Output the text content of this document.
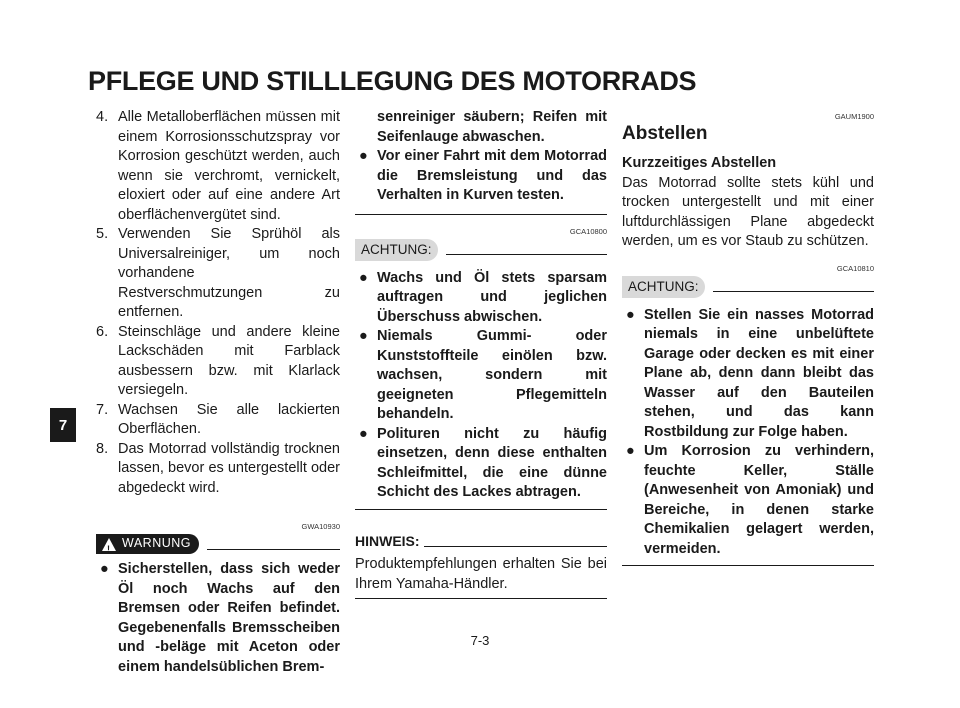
PFLEGE UND STILLLEGUNG DES MOTORRADS
7
4. Alle Metalloberflächen müssen mit einem Korrosionsschutzspray vor Korrosion geschützt werden, auch wenn sie verchromt, vernickelt, eloxiert oder auf eine andere Art oberflächenvergütet sind.
5. Verwenden Sie Sprühöl als Universalreiniger, um noch vorhandene Restverschmutzungen zu entfernen.
6. Steinschläge und andere kleine Lackschäden mit Farblack ausbessern bzw. mit Klarlack versiegeln.
7. Wachsen Sie alle lackierten Oberflächen.
8. Das Motorrad vollständig trocknen lassen, bevor es untergestellt oder abgedeckt wird.
GWA10930
! WARNUNG
● Sicherstellen, dass sich weder Öl noch Wachs auf den Bremsen oder Reifen befindet. Gegebenenfalls Bremsscheiben und -beläge mit Aceton oder einem handelsüblichen Brem-
senreiniger säubern; Reifen mit Seifenlauge abwaschen.
● Vor einer Fahrt mit dem Motorrad die Bremsleistung und das Verhalten in Kurven testen.
GCA10800
ACHTUNG:
● Wachs und Öl stets sparsam auftragen und jeglichen Überschuss abwischen.
● Niemals Gummi- oder Kunststoffteile einölen bzw. wachsen, sondern mit geeigneten Pflegemitteln behandeln.
● Polituren nicht zu häufig einsetzen, denn diese enthalten Schleifmittel, die eine dünne Schicht des Lackes abtragen.
HINWEIS:
Produktempfehlungen erhalten Sie bei Ihrem Yamaha-Händler.
GAUM1900
Abstellen
Kurzzeitiges Abstellen
Das Motorrad sollte stets kühl und trocken untergestellt und mit einer luftdurchlässigen Plane abgedeckt werden, um es vor Staub zu schützen.
GCA10810
ACHTUNG:
● Stellen Sie ein nasses Motorrad niemals in eine unbelüftete Garage oder decken es mit einer Plane ab, denn dann bleibt das Wasser auf den Bauteilen stehen, und das kann Rostbildung zur Folge haben.
● Um Korrosion zu verhindern, feuchte Keller, Ställe (Anwesenheit von Amoniak) und Bereiche, in denen starke Chemikalien gelagert werden, vermeiden.
7-3
